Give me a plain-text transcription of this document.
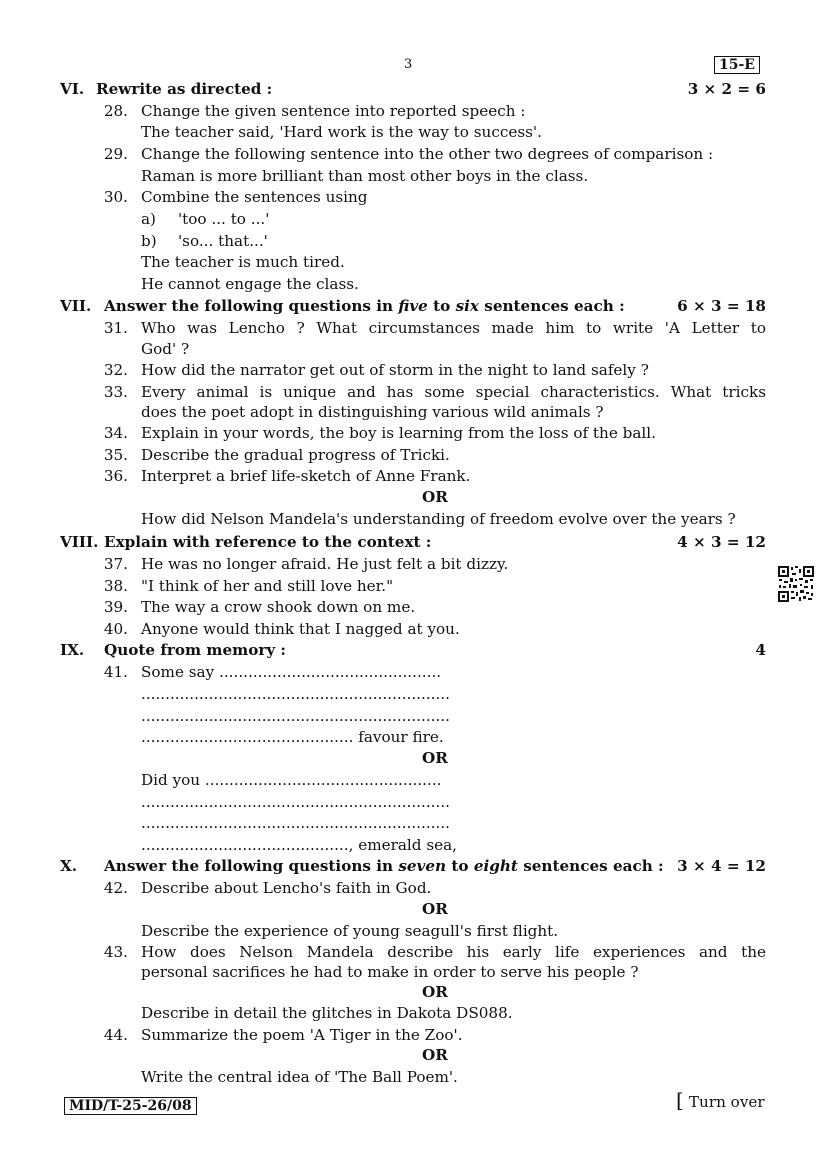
3	15-E
VI. Rewrite as directed :	3 × 2 = 6
28. Change the given sentence into reported speech :
The teacher said, 'Hard work is the way to success'.
29. Change the following sentence into the other two degrees of comparison :
Raman is more brilliant than most other boys in the class.
30. Combine the sentences using
a) 'too ... to ...'
b) 'so... that...'
The teacher is much tired.
He cannot engage the class.
VII. Answer the following questions in five to six sentences each :	6 × 3 = 18
31. Who was Lencho ? What circumstances made him to write 'A Letter to
God' ?
32. How did the narrator get out of storm in the night to land safely ?
33. Every animal is unique and has some special characteristics. What tricks
does the poet adopt in distinguishing various wild animals ?
34. Explain in your words, the boy is learning from the loss of the ball.
35. Describe the gradual progress of Tricki.
36. Interpret a brief life-sketch of Anne Frank.
OR
How did Nelson Mandela's understanding of freedom evolve over the years ?
VIII. Explain with reference to the context :	4 × 3 = 12
37. He was no longer afraid. He just felt a bit dizzy.
38. "I think of her and still love her."
39. The way a crow shook down on me.
40. Anyone would think that I nagged at you.
IX. Quote from memory :	4
41. Some say ..............................................
................................................................
................................................................
............................................ favour fire.
OR
Did you .................................................
................................................................
................................................................
..........................................., emerald sea,
X. Answer the following questions in seven to eight sentences each : 3 × 4 = 12
42. Describe about Lencho's faith in God.
OR
Describe the experience of young seagull's first flight.
43. How does Nelson Mandela describe his early life experiences and the
personal sacrifices he had to make in order to serve his people ?
OR
Describe in detail the glitches in Dakota DS088.
44. Summarize the poem 'A Tiger in the Zoo'.
OR
Write the central idea of 'The Ball Poem'.
MID/T-25-26/08	[ Turn over
